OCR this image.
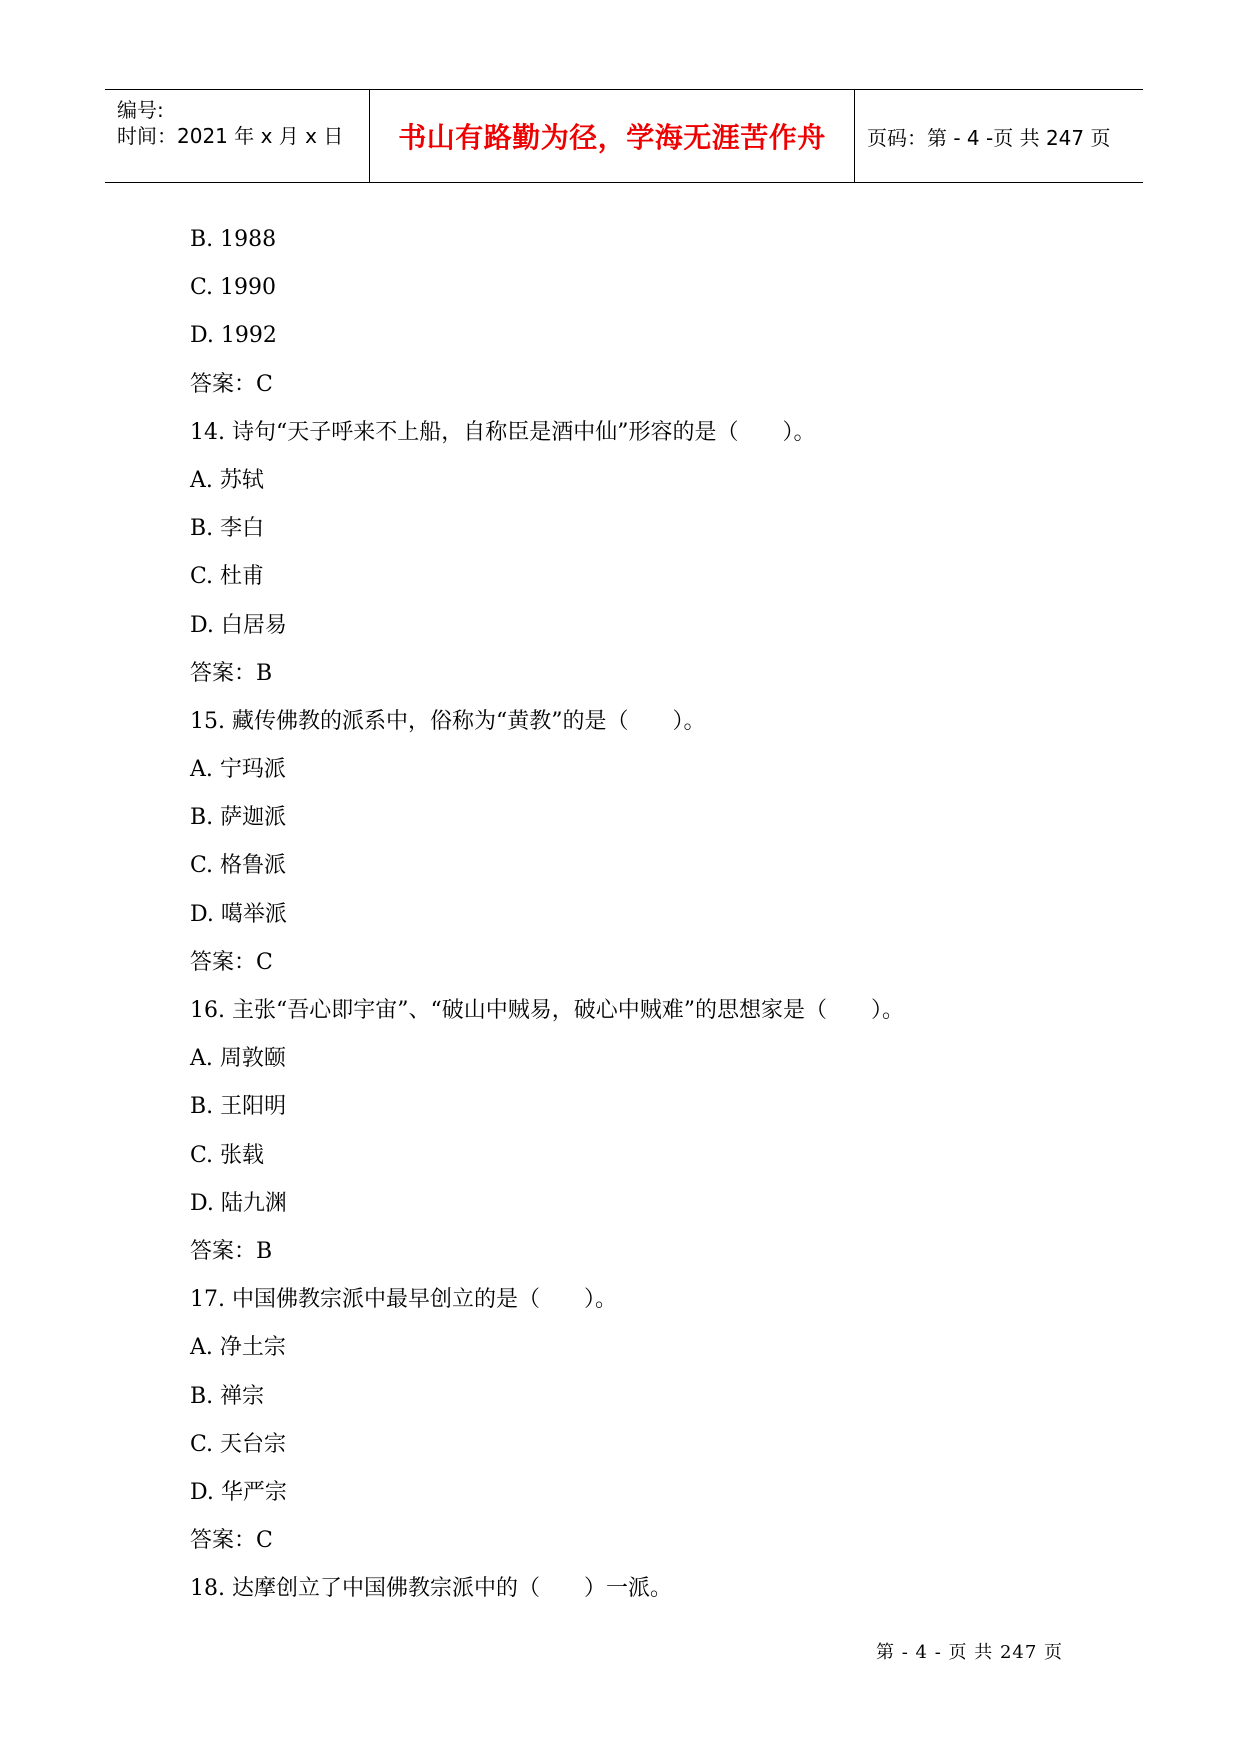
编号:
时间：2021 年 x 月 x 日 书山有路勤为径，学海无涯苦作舟 页码：第 - 4 -页 共 247 页
B. 1988
C. 1990
D. 1992
答案：C
14. 诗句“天子呼来不上船，自称臣是酒中仙”形容的是（　　）。
A. 苏轼
B. 李白
C. 杜甫
D. 白居易
答案：B
15. 藏传佛教的派系中，俗称为“黄教”的是（　　）。
A. 宁玛派
B. 萨迦派
C. 格鲁派
D. 噶举派
答案：C
16. 主张“吾心即宇宙”、“破山中贼易，破心中贼难”的思想家是（　　）。
A. 周敦颐
B. 王阳明
C. 张载
D. 陆九渊
答案：B
17. 中国佛教宗派中最早创立的是（　　）。
A. 净土宗
B. 禅宗
C. 天台宗
D. 华严宗
答案：C
18. 达摩创立了中国佛教宗派中的（　　）一派。
第 - 4 - 页 共 247 页
